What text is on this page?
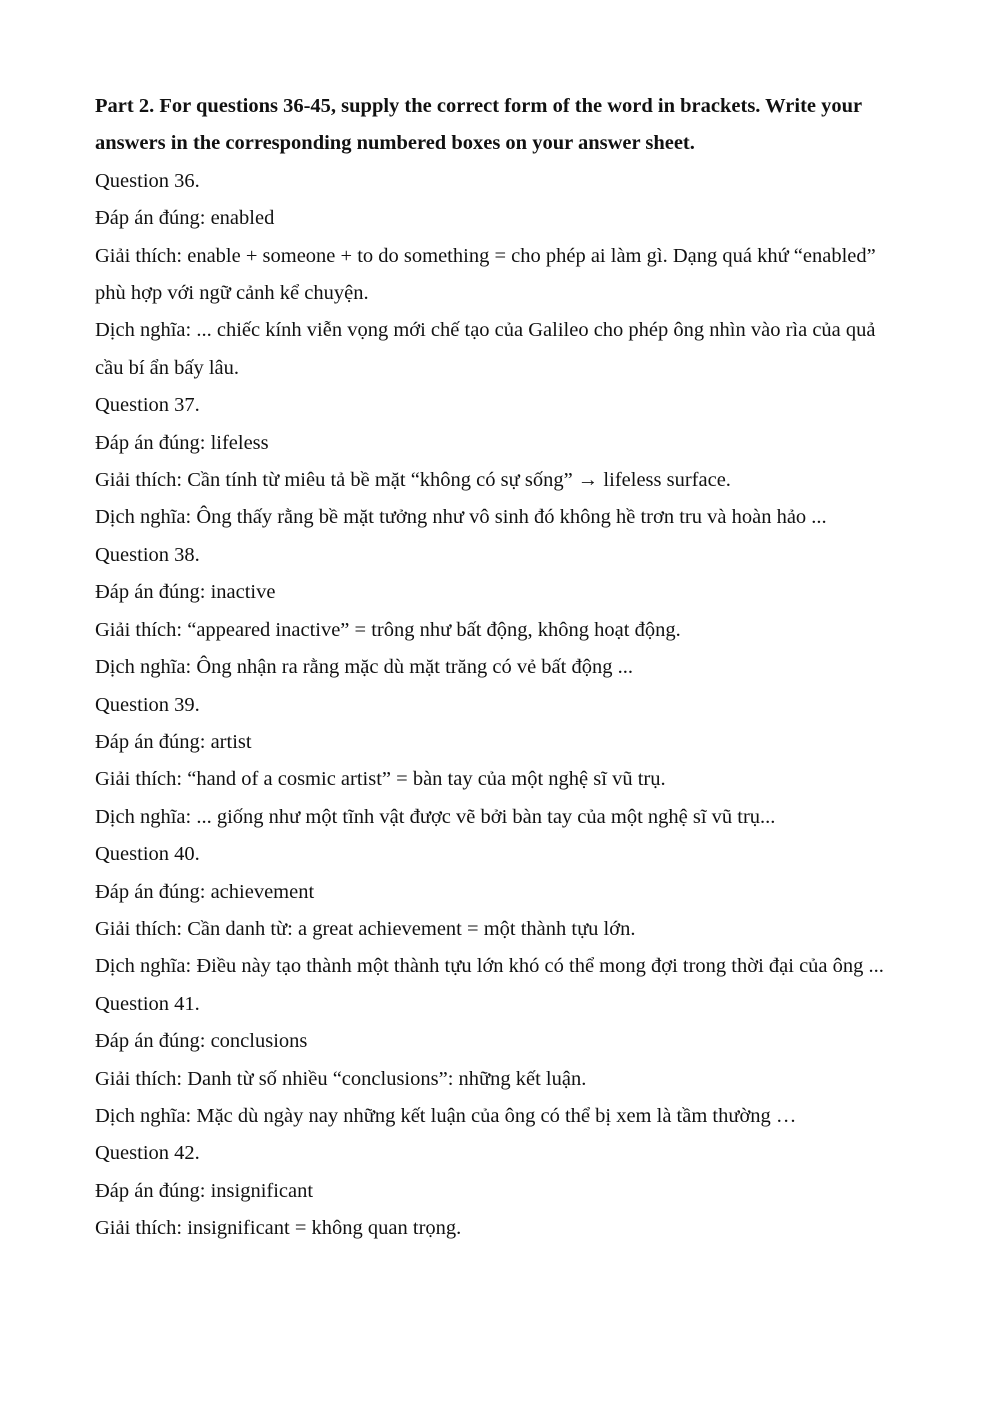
Part 2. For questions 36-45, supply the correct form of the word in brackets. Write your answers in the corresponding numbered boxes on your answer sheet.

Question 36.

Đáp án đúng: enabled

Giải thích: enable + someone + to do something = cho phép ai làm gì. Dạng quá khứ “enabled” phù hợp với ngữ cảnh kể chuyện.

Dịch nghĩa: ... chiếc kính viễn vọng mới chế tạo của Galileo cho phép ông nhìn vào rìa của quả cầu bí ẩn bấy lâu.

Question 37.

Đáp án đúng: lifeless

Giải thích: Cần tính từ miêu tả bề mặt “không có sự sống” → lifeless surface.

Dịch nghĩa: Ông thấy rằng bề mặt tưởng như vô sinh đó không hề trơn tru và hoàn hảo ...

Question 38.

Đáp án đúng: inactive

Giải thích: “appeared inactive” = trông như bất động, không hoạt động.

Dịch nghĩa: Ông nhận ra rằng mặc dù mặt trăng có vẻ bất động ...

Question 39.

Đáp án đúng: artist

Giải thích: “hand of a cosmic artist” = bàn tay của một nghệ sĩ vũ trụ.

Dịch nghĩa: ... giống như một tĩnh vật được vẽ bởi bàn tay của một nghệ sĩ vũ trụ...

Question 40.

Đáp án đúng: achievement

Giải thích: Cần danh từ: a great achievement = một thành tựu lớn.

Dịch nghĩa: Điều này tạo thành một thành tựu lớn khó có thể mong đợi trong thời đại của ông ...

Question 41.

Đáp án đúng: conclusions

Giải thích: Danh từ số nhiều “conclusions”: những kết luận.

Dịch nghĩa: Mặc dù ngày nay những kết luận của ông có thể bị xem là tầm thường …

Question 42.

Đáp án đúng: insignificant

Giải thích: insignificant = không quan trọng.
